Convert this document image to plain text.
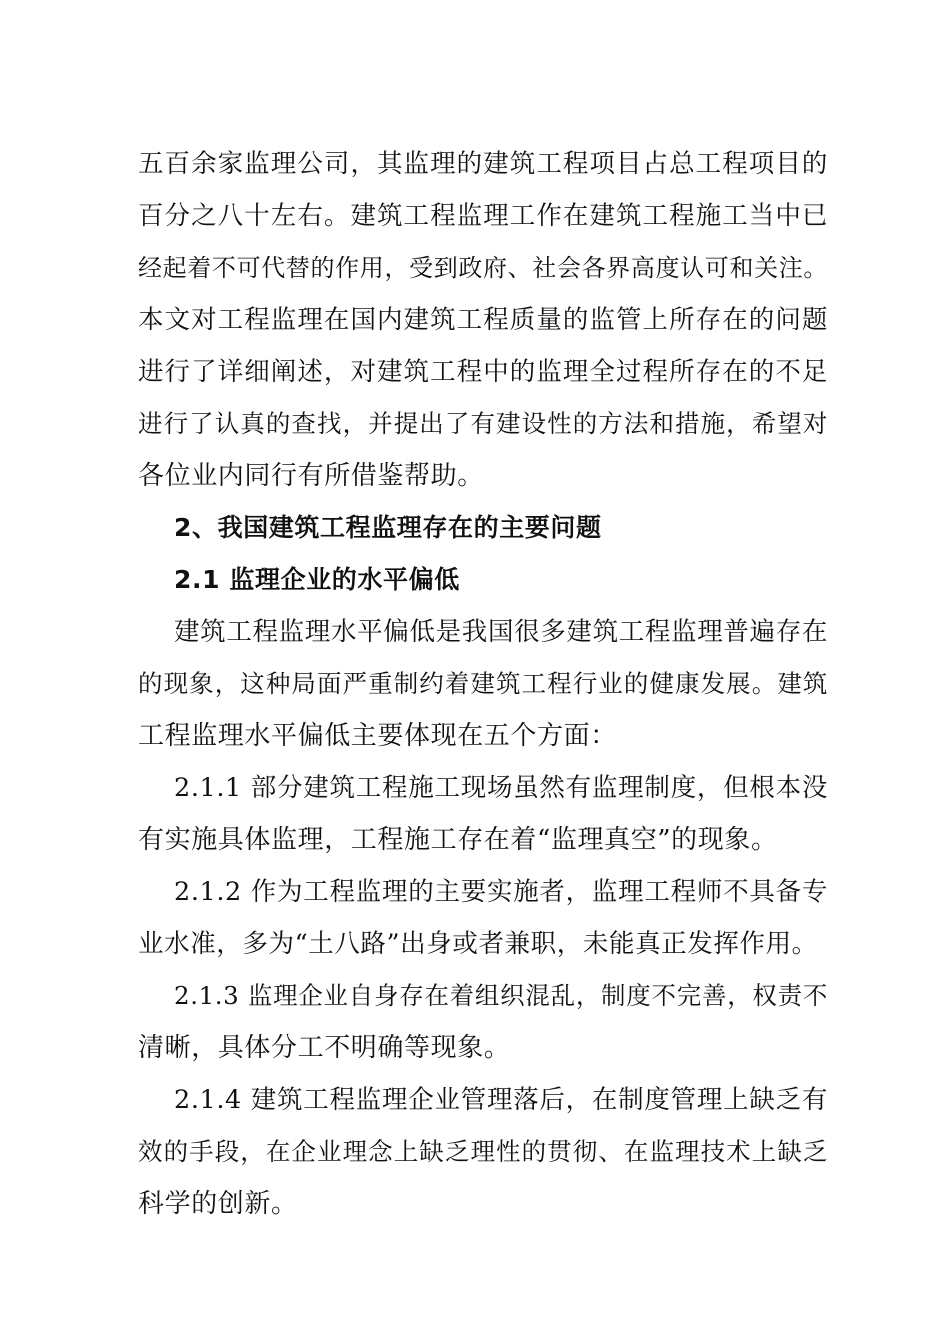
五百余家监理公司，其监理的建筑工程项目占总工程项目的
百分之八十左右。建筑工程监理工作在建筑工程施工当中已
经起着不可代替的作用，受到政府、社会各界高度认可和关注。
本文对工程监理在国内建筑工程质量的监管上所存在的问题
进行了详细阐述，对建筑工程中的监理全过程所存在的不足
进行了认真的查找，并提出了有建设性的方法和措施，希望对
各位业内同行有所借鉴帮助。
2、我国建筑工程监理存在的主要问题
2.1 监理企业的水平偏低
建筑工程监理水平偏低是我国很多建筑工程监理普遍存在
的现象，这种局面严重制约着建筑工程行业的健康发展。建筑
工程监理水平偏低主要体现在五个方面：
2.1.1 部分建筑工程施工现场虽然有监理制度，但根本没
有实施具体监理，工程施工存在着“监理真空”的现象。
2.1.2 作为工程监理的主要实施者，监理工程师不具备专
业水准，多为“土八路”出身或者兼职，未能真正发挥作用。
2.1.3 监理企业自身存在着组织混乱，制度不完善，权责不
清晰，具体分工不明确等现象。
2.1.4 建筑工程监理企业管理落后，在制度管理上缺乏有
效的手段，在企业理念上缺乏理性的贯彻、在监理技术上缺乏
科学的创新。
